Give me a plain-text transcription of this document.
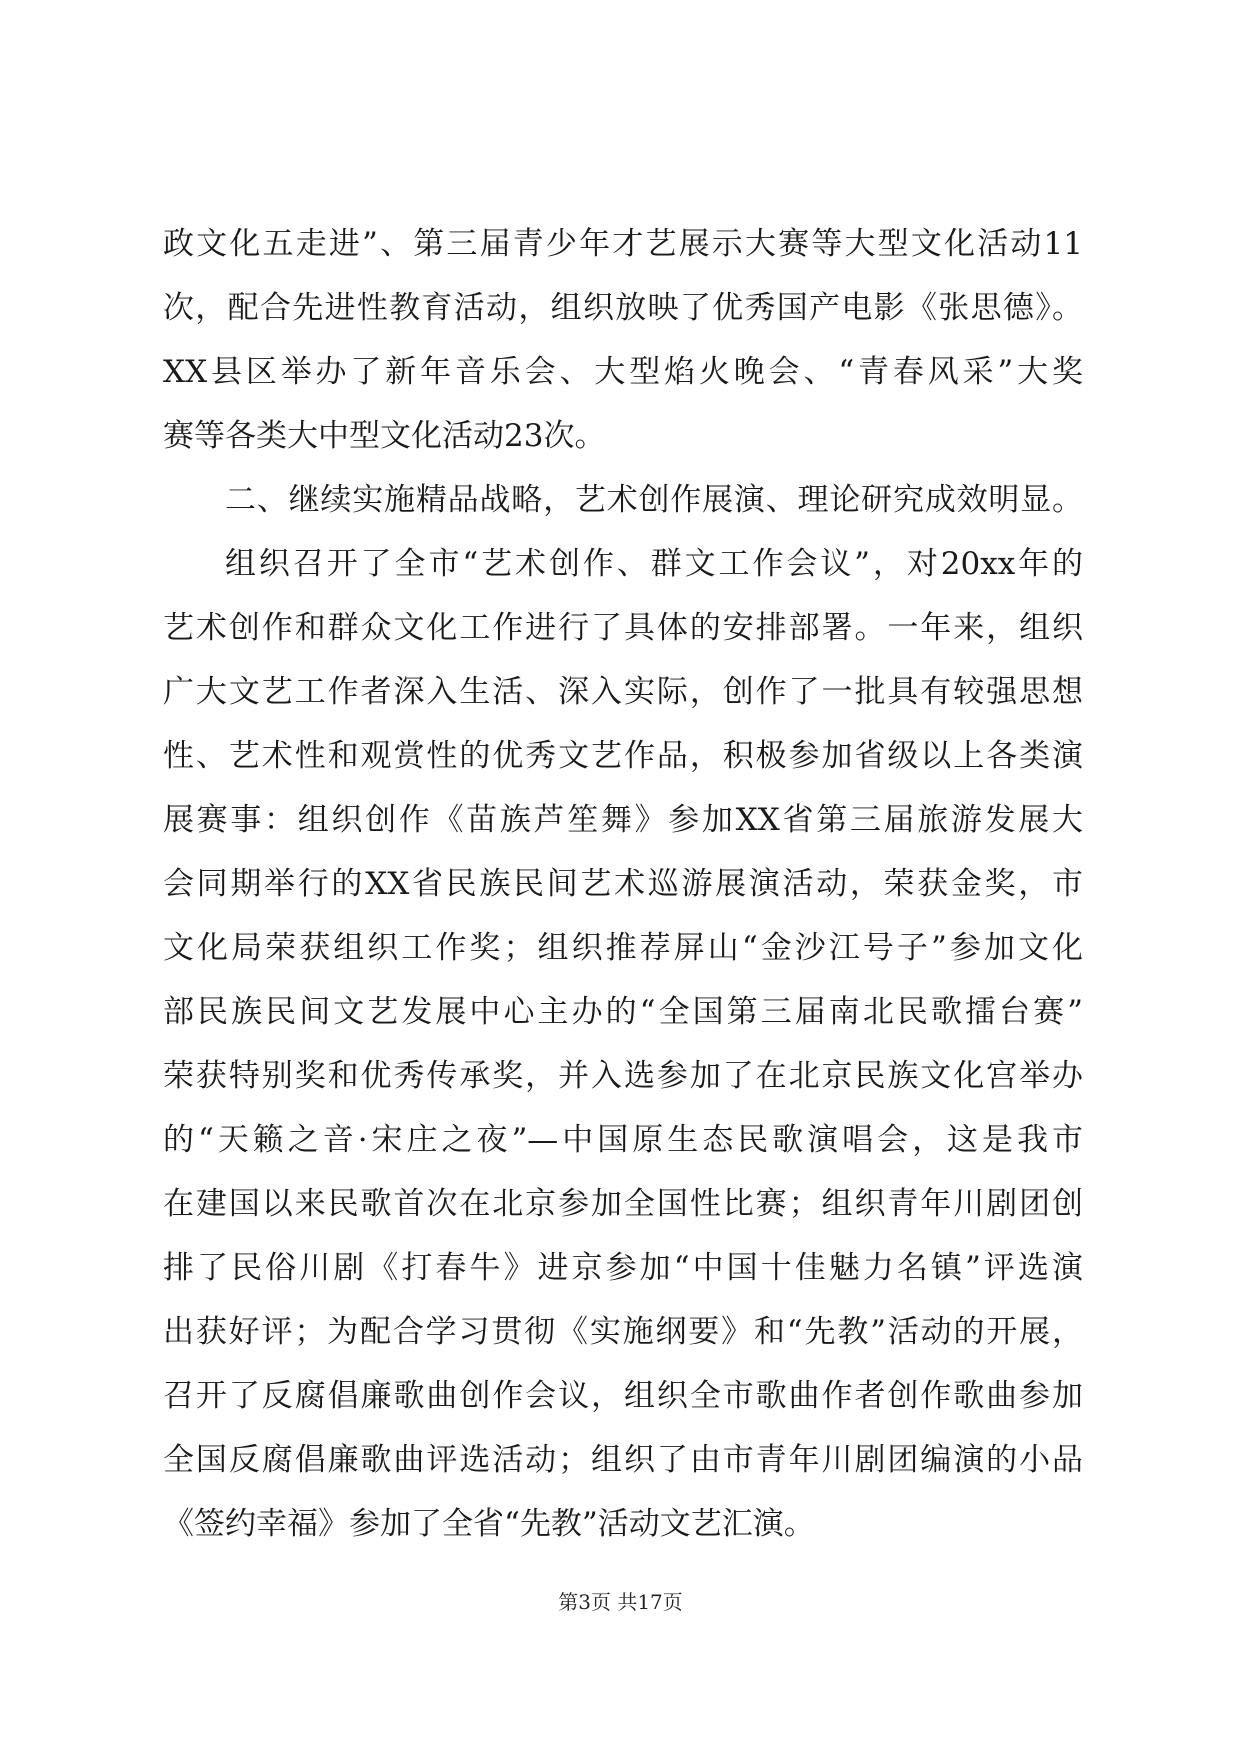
政文化五走进”、第三届青少年才艺展示大赛等大型文化活动11
次，配合先进性教育活动，组织放映了优秀国产电影《张思德》。
XX县区举办了新年音乐会、大型焰火晚会、“青春风采”大奖
赛等各类大中型文化活动23次。
二、继续实施精品战略，艺术创作展演、理论研究成效明显。
组织召开了全市“艺术创作、群文工作会议”，对20xx年的
艺术创作和群众文化工作进行了具体的安排部署。一年来，组织
广大文艺工作者深入生活、深入实际，创作了一批具有较强思想
性、艺术性和观赏性的优秀文艺作品，积极参加省级以上各类演
展赛事：组织创作《苗族芦笙舞》参加XX省第三届旅游发展大
会同期举行的XX省民族民间艺术巡游展演活动，荣获金奖，市
文化局荣获组织工作奖；组织推荐屏山“金沙江号子”参加文化
部民族民间文艺发展中心主办的“全国第三届南北民歌擂台赛”
荣获特别奖和优秀传承奖，并入选参加了在北京民族文化宫举办
的“天籁之音·宋庄之夜”—中国原生态民歌演唱会，这是我市
在建国以来民歌首次在北京参加全国性比赛；组织青年川剧团创
排了民俗川剧《打春牛》进京参加“中国十佳魅力名镇”评选演
出获好评；为配合学习贯彻《实施纲要》和“先教”活动的开展，
召开了反腐倡廉歌曲创作会议，组织全市歌曲作者创作歌曲参加
全国反腐倡廉歌曲评选活动；组织了由市青年川剧团编演的小品
《签约幸福》参加了全省“先教”活动文艺汇演。
第3页 共17页
